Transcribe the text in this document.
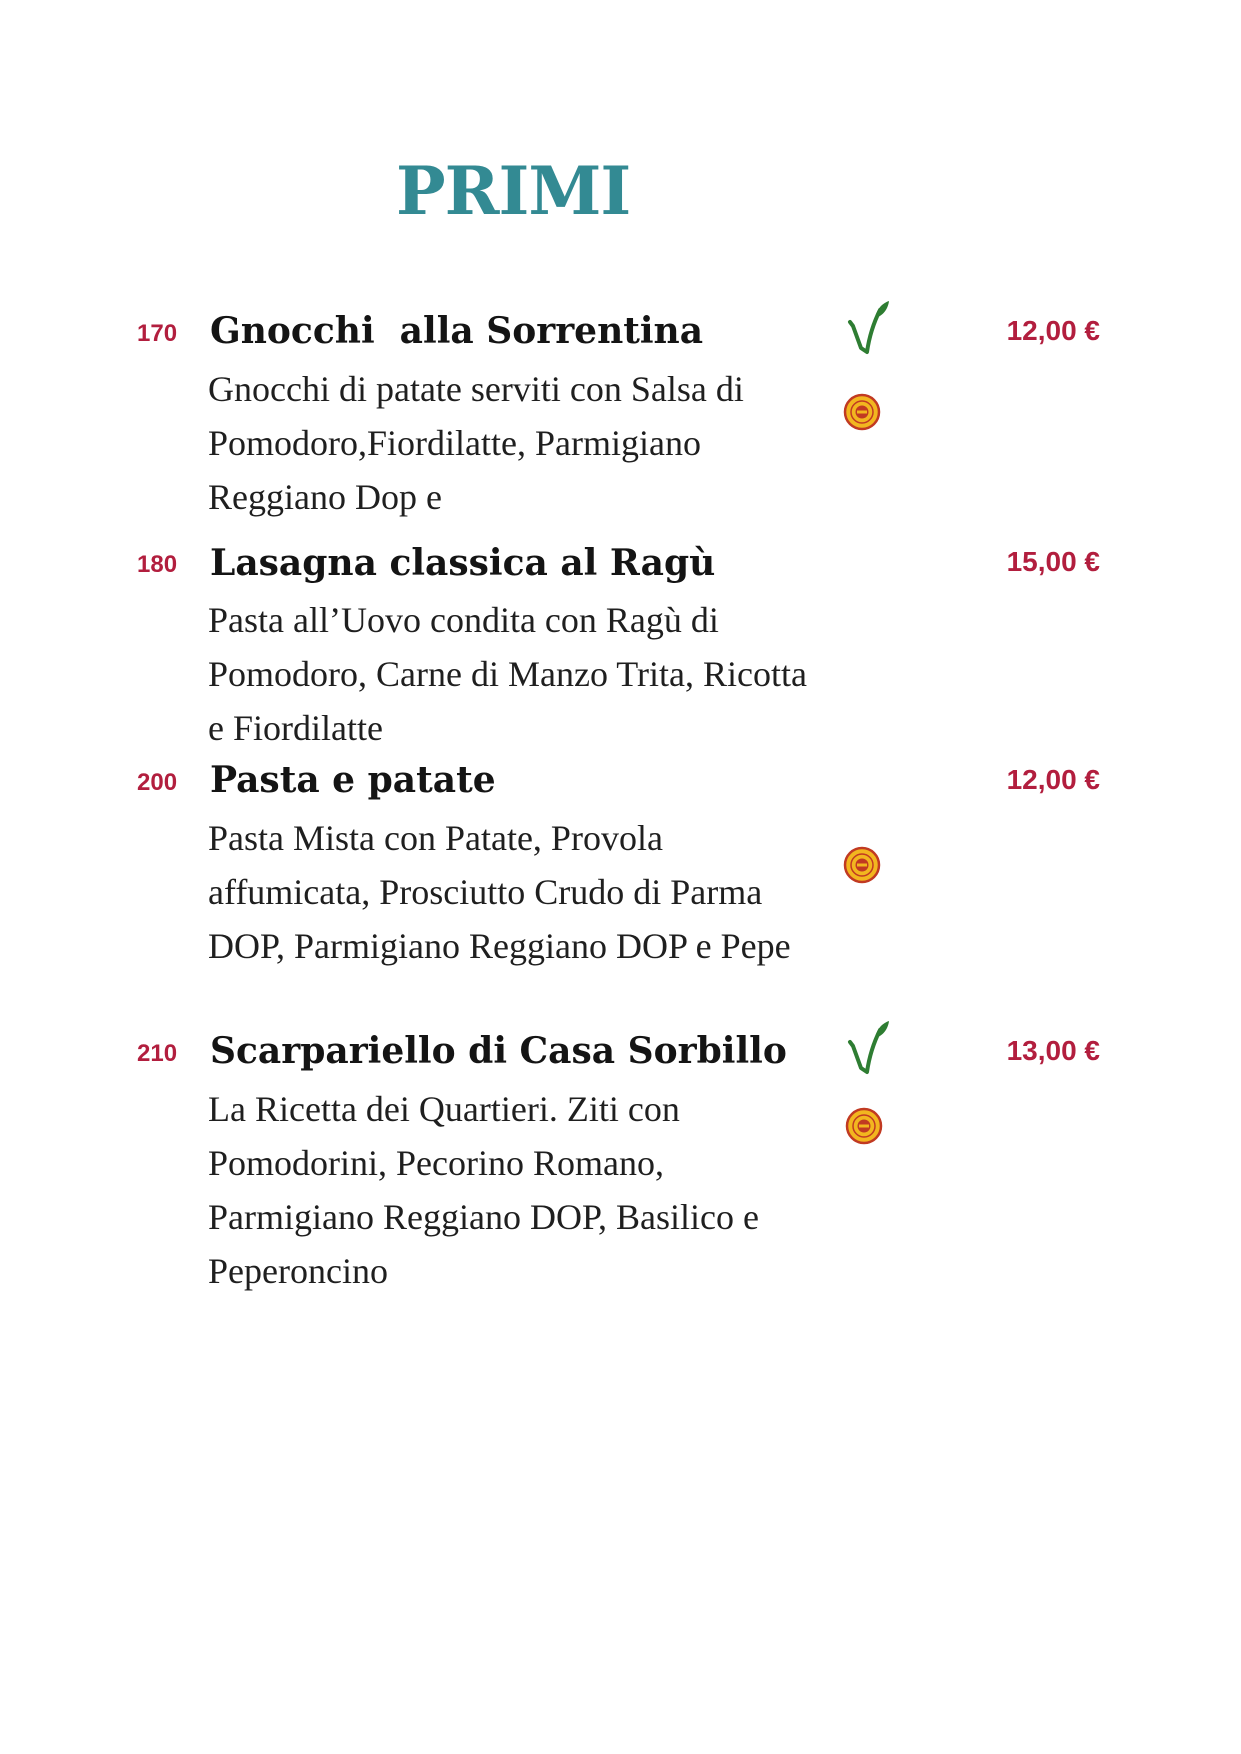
PRIMI
170 Gnocchi  alla Sorrentina

Gnocchi di patate serviti con Salsa di Pomodoro,Fiordilatte, Parmigiano Reggiano Dop e

12,00 €
180 Lasagna classica al Ragù

Pasta all’Uovo condita con Ragù di Pomodoro, Carne di Manzo Trita, Ricotta e Fiordilatte

15,00 €
200 Pasta e patate

Pasta Mista con Patate, Provola affumicata, Prosciutto Crudo di Parma DOP, Parmigiano Reggiano DOP e Pepe

12,00 €
210 Scarpariello di Casa Sorbillo

La Ricetta dei Quartieri. Ziti con Pomodorini, Pecorino Romano, Parmigiano Reggiano DOP, Basilico e Peperoncino

13,00 €
